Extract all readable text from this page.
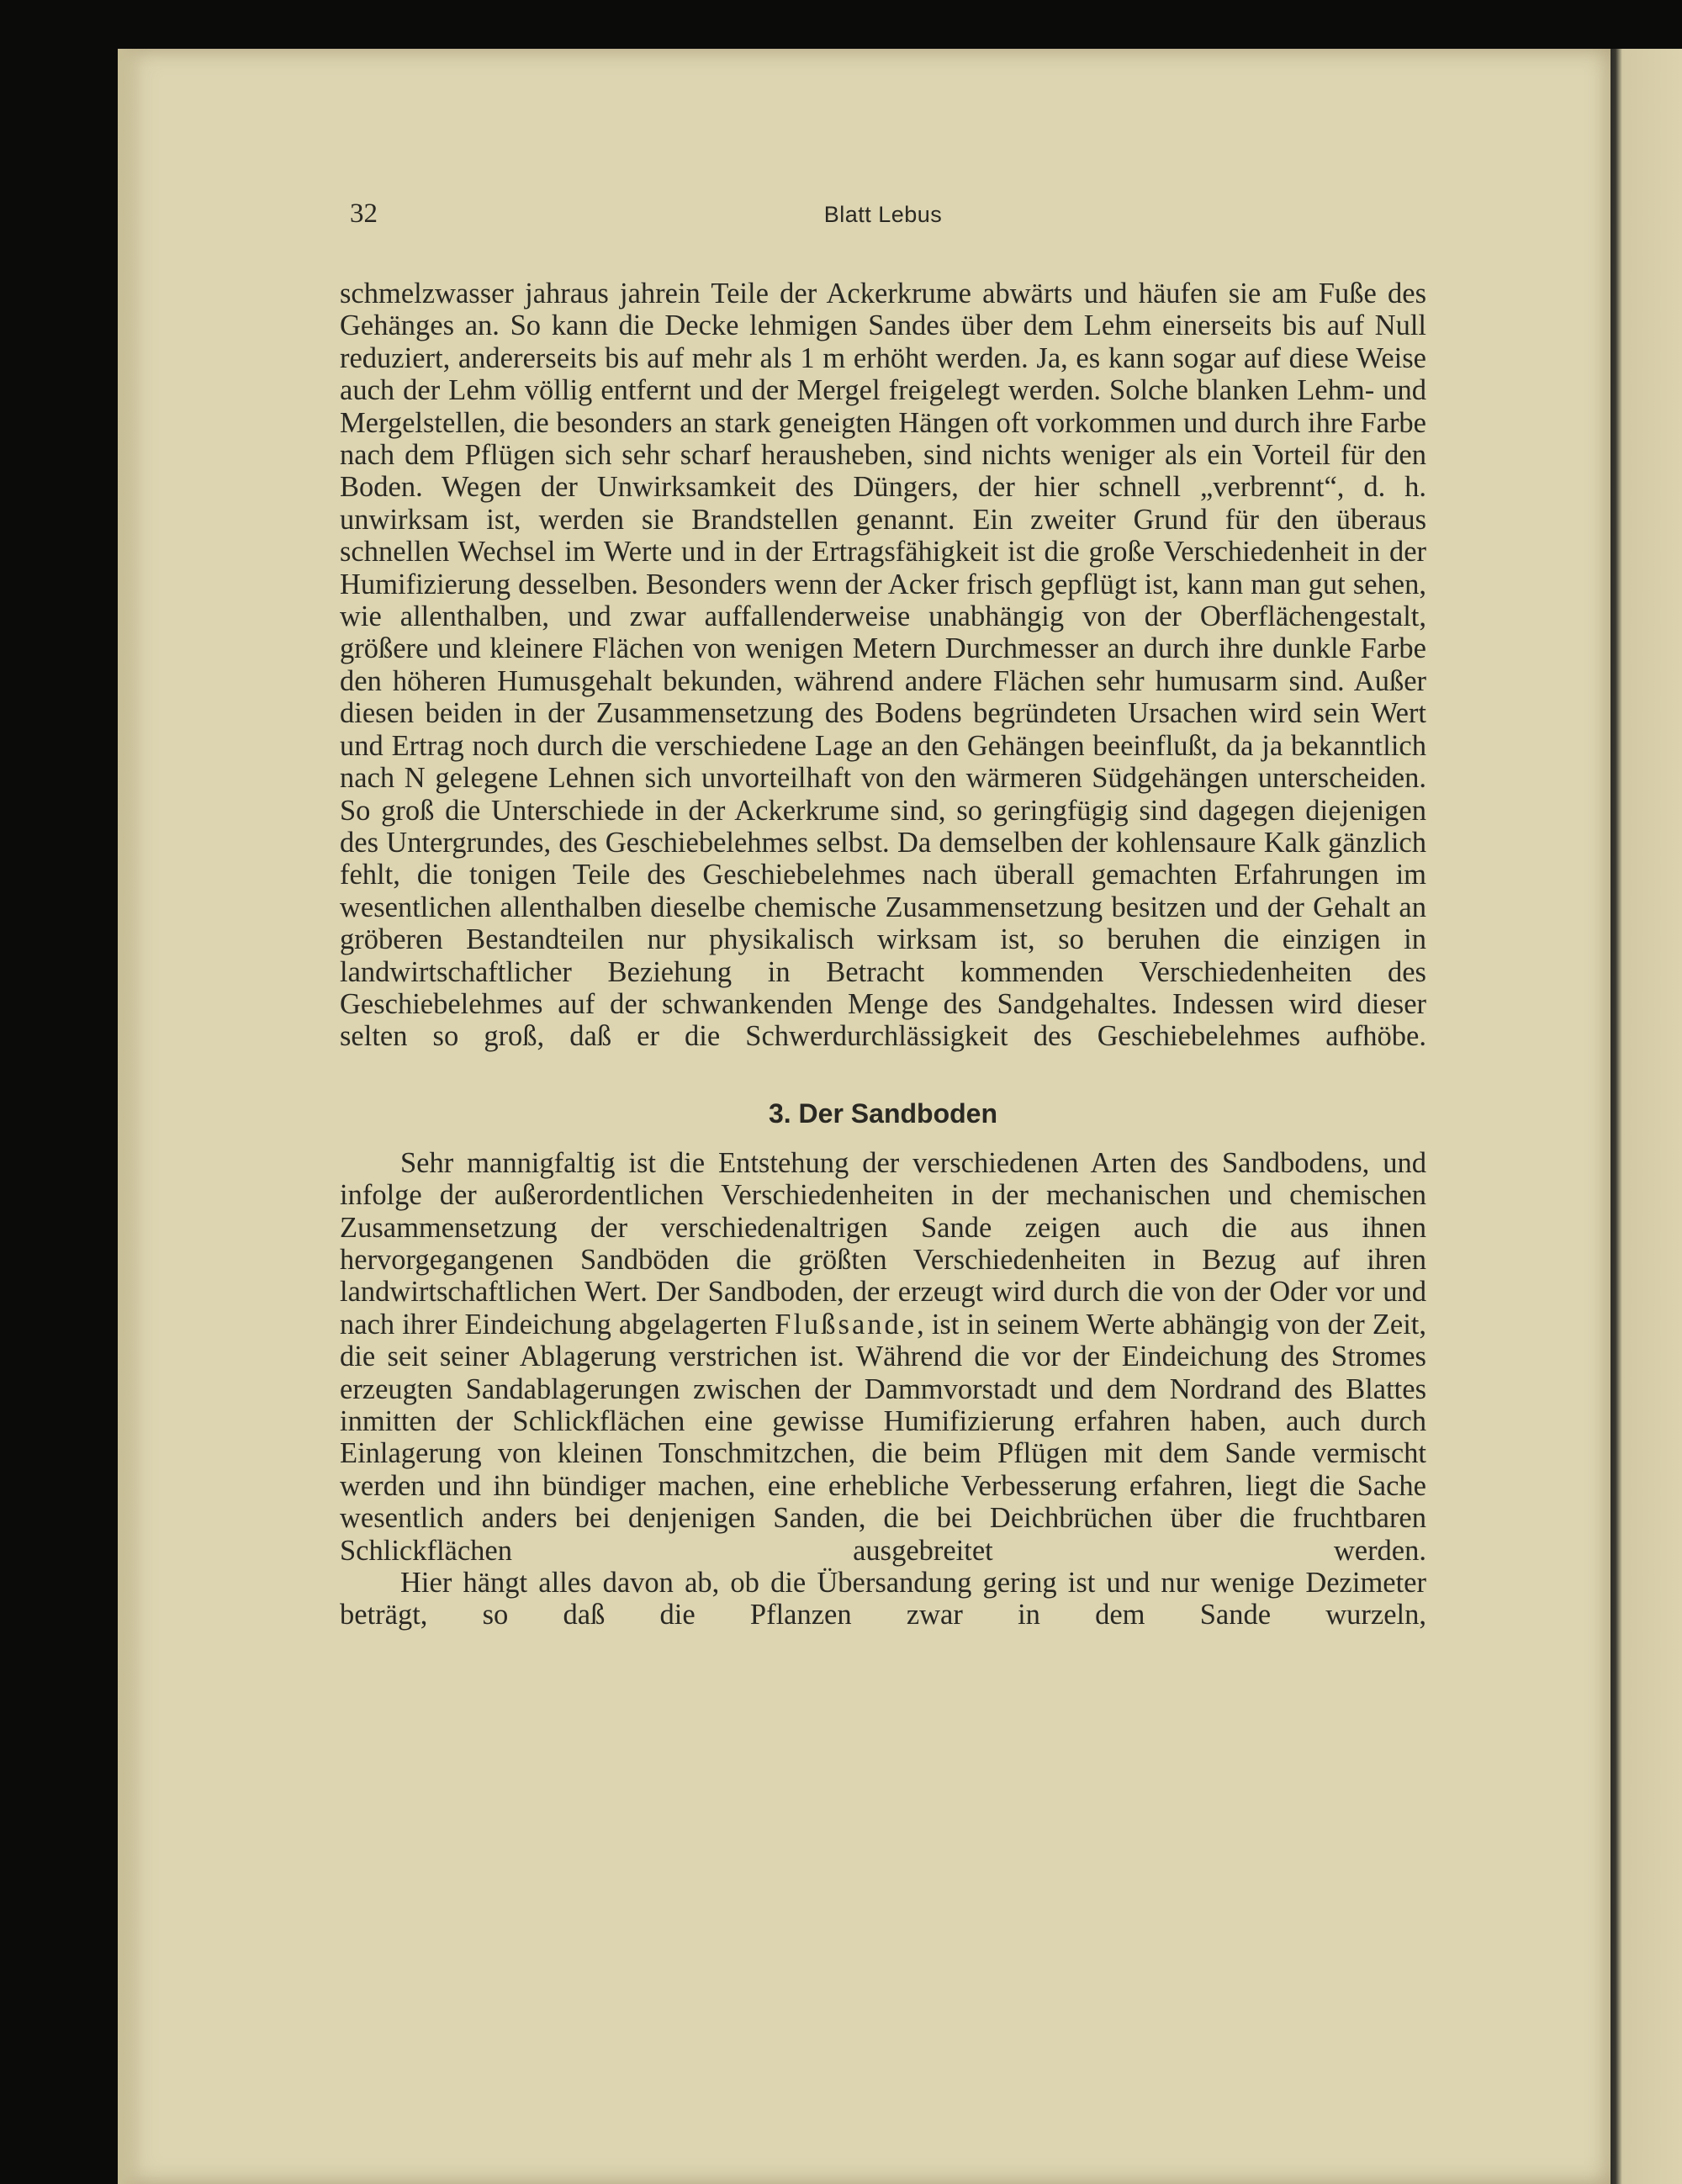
32	Blatt Lebus

schmelzwasser jahraus jahrein Teile der Ackerkrume abwärts und häufen sie am Fuße des Gehänges an. So kann die Decke lehmigen Sandes über dem Lehm einerseits bis auf Null reduziert, andererseits bis auf mehr als 1 m erhöht werden. Ja, es kann sogar auf diese Weise auch der Lehm völlig entfernt und der Mergel freigelegt werden. Solche blanken Lehm- und Mergelstellen, die besonders an stark geneigten Hängen oft vorkommen und durch ihre Farbe nach dem Pflügen sich sehr scharf herausheben, sind nichts weniger als ein Vorteil für den Boden. Wegen der Unwirksamkeit des Düngers, der hier schnell „verbrennt“, d. h. unwirksam ist, werden sie Brandstellen genannt. Ein zweiter Grund für den überaus schnellen Wechsel im Werte und in der Ertragsfähigkeit ist die große Verschiedenheit in der Humifizierung desselben. Besonders wenn der Acker frisch gepflügt ist, kann man gut sehen, wie allenthalben, und zwar auffallenderweise unabhängig von der Oberflächengestalt, größere und kleinere Flächen von wenigen Metern Durchmesser an durch ihre dunkle Farbe den höheren Humusgehalt bekunden, während andere Flächen sehr humusarm sind. Außer diesen beiden in der Zusammensetzung des Bodens begründeten Ursachen wird sein Wert und Ertrag noch durch die verschiedene Lage an den Gehängen beeinflußt, da ja bekanntlich nach N gelegene Lehnen sich unvorteilhaft von den wärmeren Südgehängen unterscheiden. So groß die Unterschiede in der Ackerkrume sind, so geringfügig sind dagegen diejenigen des Untergrundes, des Geschiebelehmes selbst. Da demselben der kohlensaure Kalk gänzlich fehlt, die tonigen Teile des Geschiebelehmes nach überall gemachten Erfahrungen im wesentlichen allenthalben dieselbe chemische Zusammensetzung besitzen und der Gehalt an gröberen Bestandteilen nur physikalisch wirksam ist, so beruhen die einzigen in landwirtschaftlicher Beziehung in Betracht kommenden Verschiedenheiten des Geschiebelehmes auf der schwankenden Menge des Sandgehaltes. Indessen wird dieser selten so groß, daß er die Schwerdurchlässigkeit des Geschiebelehmes aufhöbe.

3. Der Sandboden

Sehr mannigfaltig ist die Entstehung der verschiedenen Arten des Sandbodens, und infolge der außerordentlichen Verschiedenheiten in der mechanischen und chemischen Zusammensetzung der verschiedenaltrigen Sande zeigen auch die aus ihnen hervorgegangenen Sandböden die größten Verschiedenheiten in Bezug auf ihren landwirtschaftlichen Wert. Der Sandboden, der erzeugt wird durch die von der Oder vor und nach ihrer Eindeichung abgelagerten Flußsande, ist in seinem Werte abhängig von der Zeit, die seit seiner Ablagerung verstrichen ist. Während die vor der Eindeichung des Stromes erzeugten Sandablagerungen zwischen der Dammvorstadt und dem Nordrand des Blattes inmitten der Schlickflächen eine gewisse Humifizierung erfahren haben, auch durch Einlagerung von kleinen Tonschmitzchen, die beim Pflügen mit dem Sande vermischt werden und ihn bündiger machen, eine erhebliche Verbesserung erfahren, liegt die Sache wesentlich anders bei denjenigen Sanden, die bei Deichbrüchen über die fruchtbaren Schlickflächen ausgebreitet werden.

Hier hängt alles davon ab, ob die Übersandung gering ist und nur wenige Dezimeter beträgt, so daß die Pflanzen zwar in dem Sande wurzeln,
